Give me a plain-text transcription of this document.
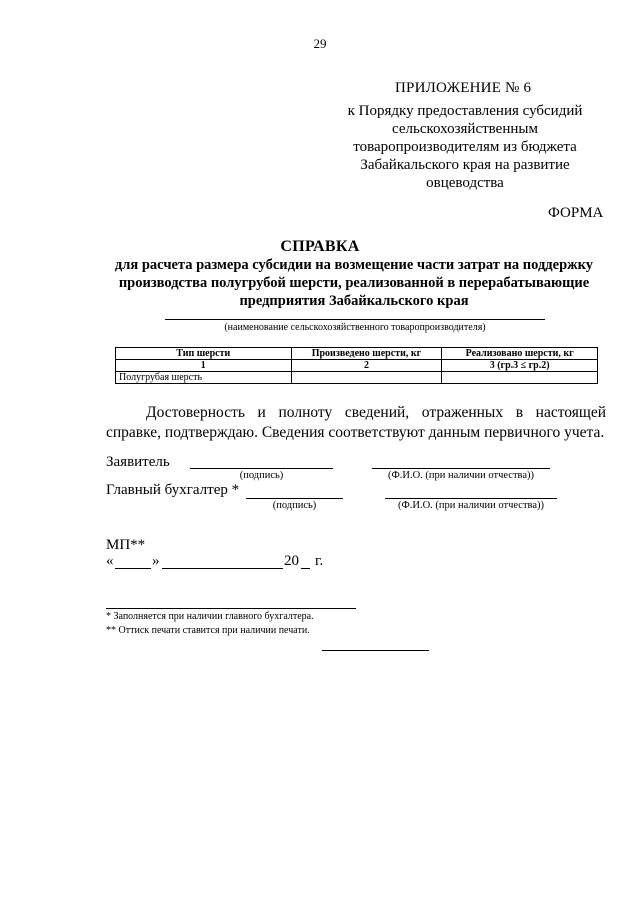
29
ПРИЛОЖЕНИЕ № 6
к Порядку предоставления субсидий сельскохозяйственным товаропроизводителям из бюджета Забайкальского края на развитие овцеводства
ФОРМА
СПРАВКА
для расчета размера субсидии на возмещение части затрат на поддержку производства полугрубой шерсти, реализованной в перерабатывающие предприятия Забайкальского края
(наименование сельскохозяйственного товаропроизводителя)
Тип шерсти	Произведено шерсти, кг	Реализовано шерсти, кг
1	2	3 (гр.3 ≤ гр.2)
Полугрубая шерсть		
Достоверность и полноту сведений, отраженных в настоящей справке, подтверждаю. Сведения соответствуют данным первичного учета.
Заявитель
(подпись)	(Ф.И.О. (при наличии отчества))
Главный бухгалтер *
(подпись)	(Ф.И.О. (при наличии отчества))
МП**
«	»	20 г.
* Заполняется при наличии главного бухгалтера.
** Оттиск печати ставится при наличии печати.
